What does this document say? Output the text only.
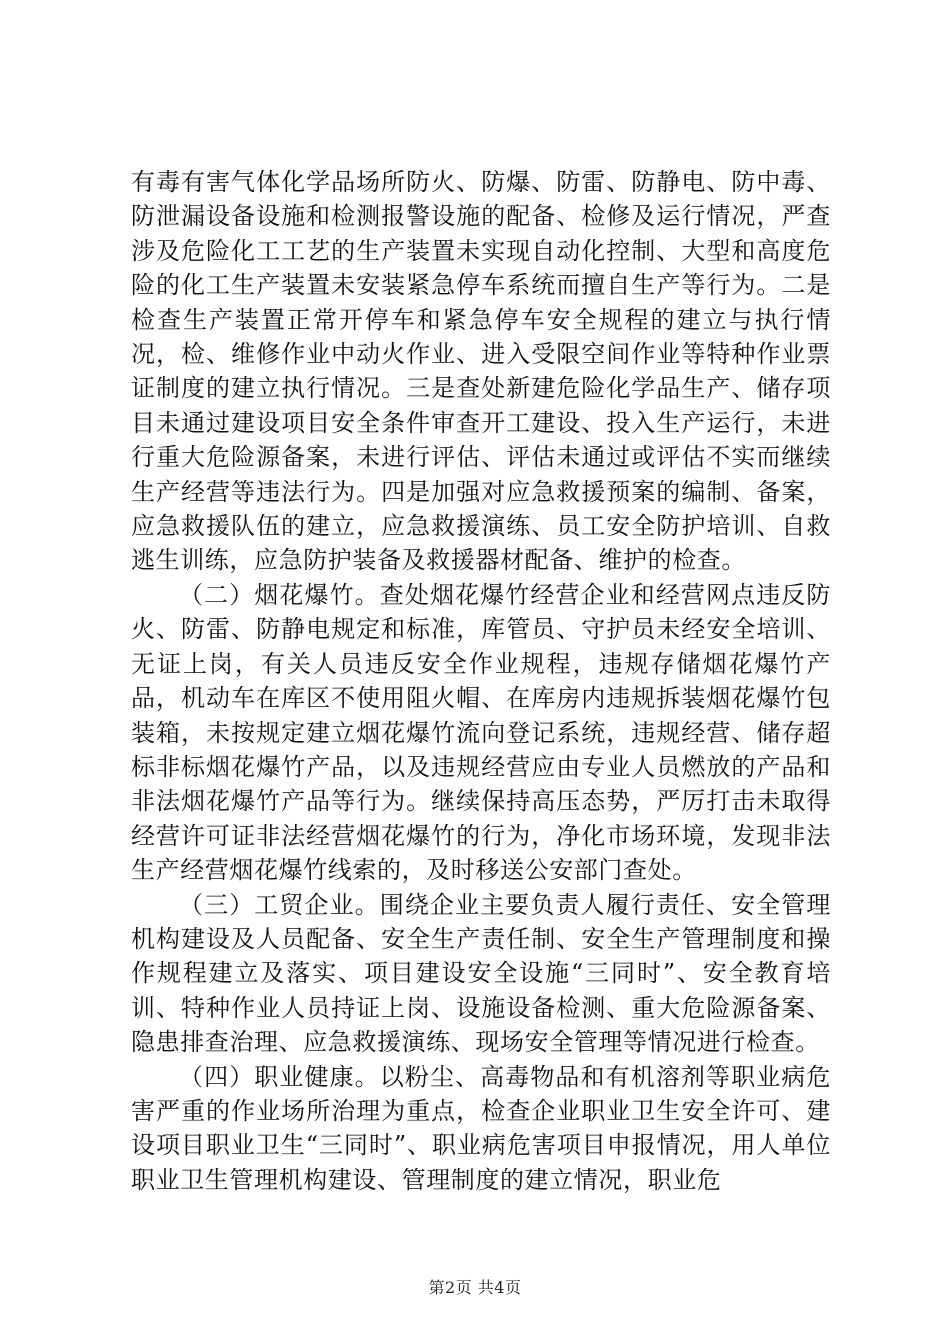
有毒有害气体化学品场所防火、防爆、防雷、防静电、防中毒、防泄漏设备设施和检测报警设施的配备、检修及运行情况，严查涉及危险化工工艺的生产装置未实现自动化控制、大型和高度危险的化工生产装置未安装紧急停车系统而擅自生产等行为。二是检查生产装置正常开停车和紧急停车安全规程的建立与执行情况，检、维修作业中动火作业、进入受限空间作业等特种作业票证制度的建立执行情况。三是查处新建危险化学品生产、储存项目未通过建设项目安全条件审查开工建设、投入生产运行，未进行重大危险源备案，未进行评估、评估未通过或评估不实而继续生产经营等违法行为。四是加强对应急救援预案的编制、备案，应急救援队伍的建立，应急救援演练、员工安全防护培训、自救逃生训练，应急防护装备及救援器材配备、维护的检查。

（二）烟花爆竹。查处烟花爆竹经营企业和经营网点违反防火、防雷、防静电规定和标准，库管员、守护员未经安全培训、无证上岗，有关人员违反安全作业规程，违规存储烟花爆竹产品，机动车在库区不使用阻火帽、在库房内违规拆装烟花爆竹包装箱，未按规定建立烟花爆竹流向登记系统，违规经营、储存超标非标烟花爆竹产品，以及违规经营应由专业人员燃放的产品和非法烟花爆竹产品等行为。继续保持高压态势，严厉打击未取得经营许可证非法经营烟花爆竹的行为，净化市场环境，发现非法生产经营烟花爆竹线索的，及时移送公安部门查处。

（三）工贸企业。围绕企业主要负责人履行责任、安全管理机构建设及人员配备、安全生产责任制、安全生产管理制度和操作规程建立及落实、项目建设安全设施“三同时”、安全教育培训、特种作业人员持证上岗、设施设备检测、重大危险源备案、隐患排查治理、应急救援演练、现场安全管理等情况进行检查。

（四）职业健康。以粉尘、高毒物品和有机溶剂等职业病危害严重的作业场所治理为重点，检查企业职业卫生安全许可、建设项目职业卫生“三同时”、职业病危害项目申报情况，用人单位职业卫生管理机构建设、管理制度的建立情况，职业危

第2页 共4页
